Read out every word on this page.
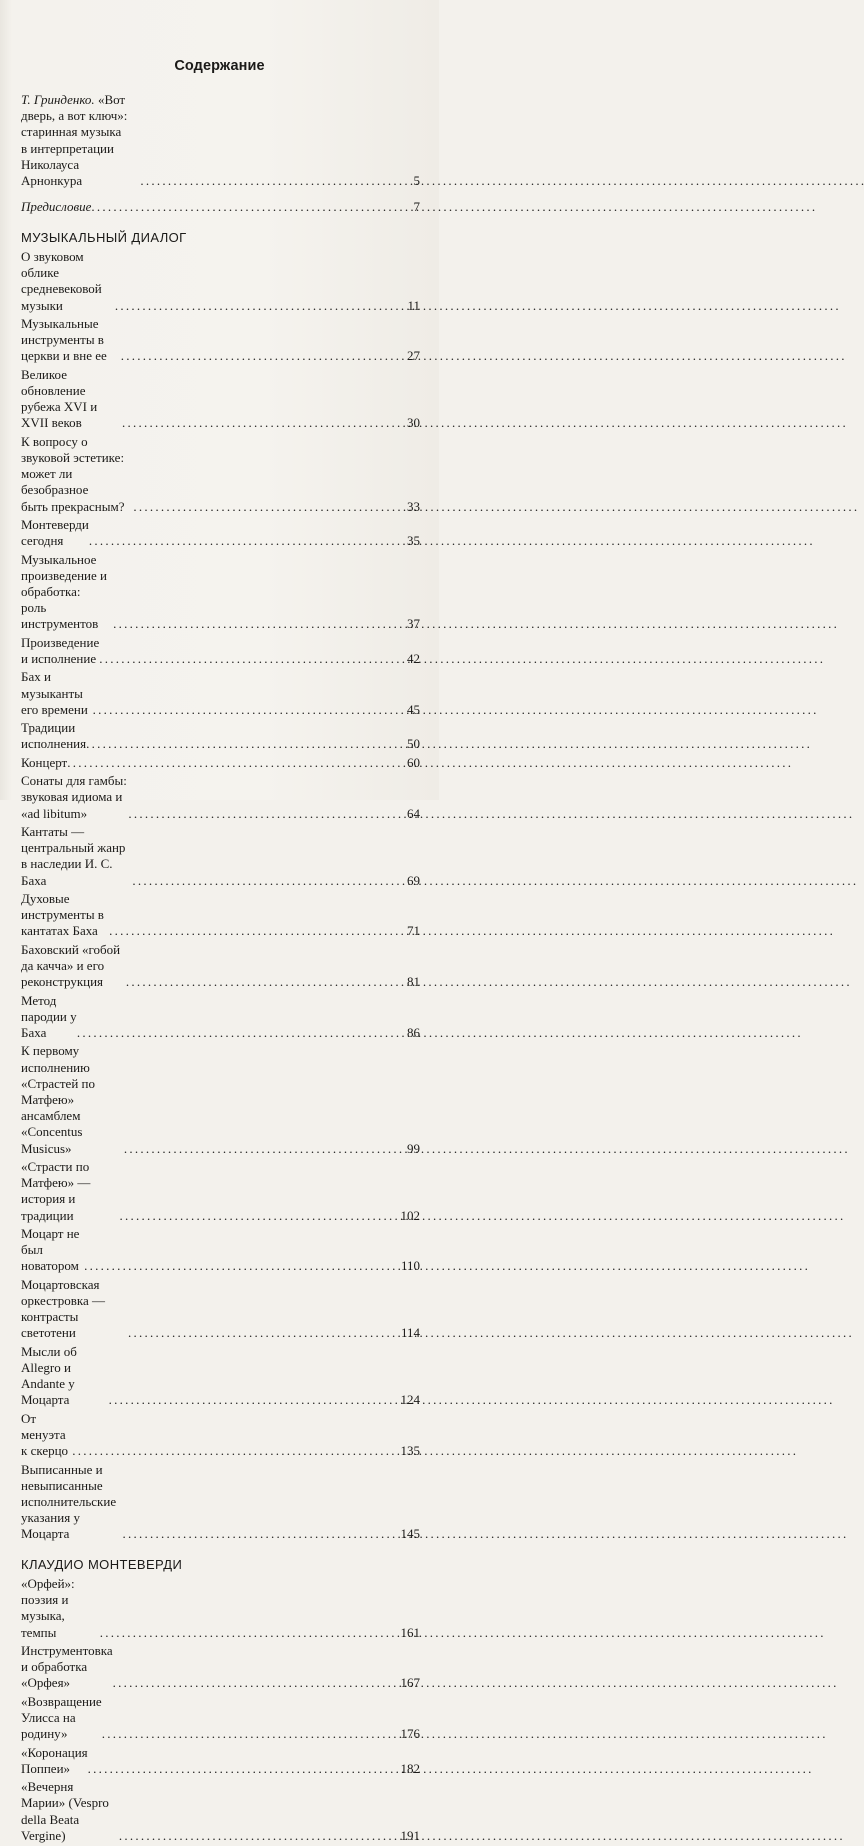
Содержание
Т. Гринденко. «Вот дверь, а вот ключ»: старинная музыка
в интерпретации Николауса Арнонкура . . .	5
Предисловие . . .	7
МУЗЫКАЛЬНЫЙ ДИАЛОГ
О звуковом облике средневековой музыки . . .	11
Музыкальные инструменты в церкви и вне ее . . .	27
Великое обновление рубежа XVI и XVII веков . . .	30
К вопросу о звуковой эстетике: может ли безобразное
быть прекрасным? . . .	33
Монтеверди сегодня . . .	35
Музыкальное произведение и обработка:
роль инструментов . . .	37
Произведение и исполнение . . .	42
Бах и музыканты его времени . . .	45
Традиции исполнения . . .	50
Концерт . . .	60
Сонаты для гамбы: звуковая идиома и «ad libitum» . . .	64
Кантаты — центральный жанр в наследии И. С. Баха . . .	69
Духовые инструменты в кантатах Баха . . .	71
Баховский «гобой да качча» и его реконструкция . . .	81
Метод пародии у Баха . . .	86
К первому исполнению «Страстей по Матфею»
ансамблем «Concentus Musicus» . . .	99
«Страсти по Матфею» — история и традиции . . .	102
Моцарт не был новатором . . .	110
Моцартовская оркестровка — контрасты светотени . . .	114
Мысли об Allegro и Andante у Моцарта . . .	124
От менуэта к скерцо . . .	135
Выписанные и невыписанные исполнительские
указания у Моцарта . . .	145
КЛАУДИО МОНТЕВЕРДИ
«Орфей»: поэзия и музыка, темпы . . .	161
Инструментовка и обработка «Орфея» . . .	167
«Возвращение Улисса на родину» . . .	176
«Коронация Поппеи» . . .	182
«Вечерня Марии» (Vespro della Beata Vergine) . . .	191
